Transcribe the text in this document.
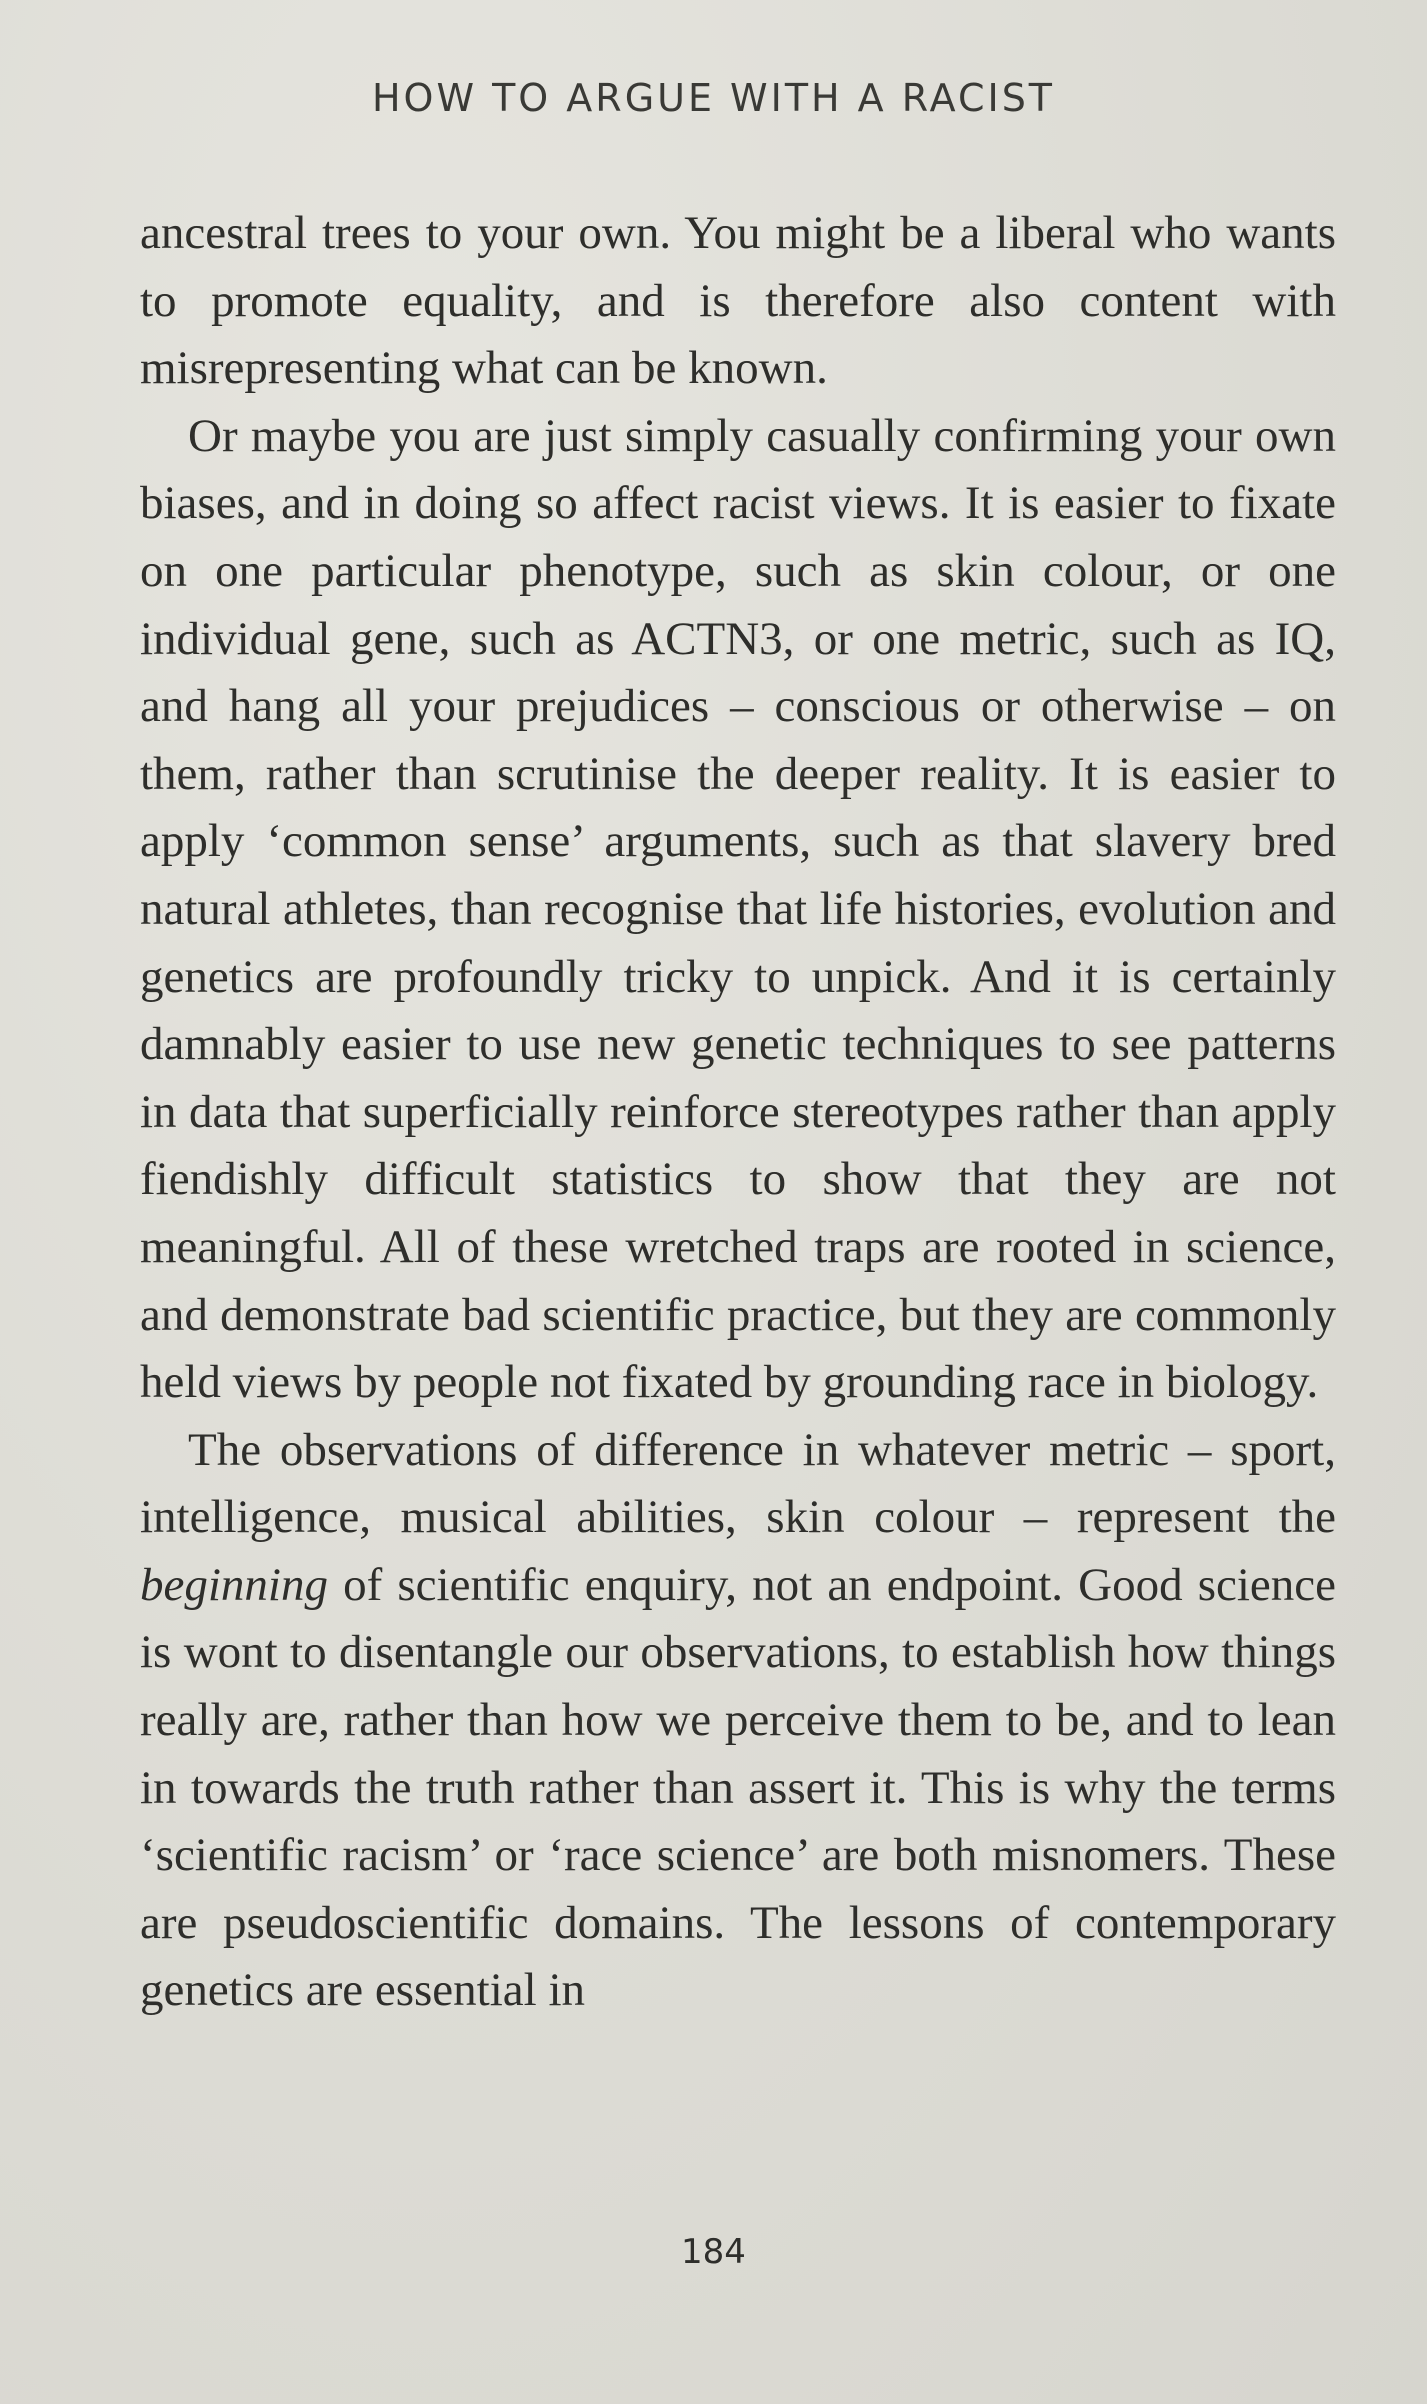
HOW TO ARGUE WITH A RACIST

ancestral trees to your own. You might be a liberal who wants to promote equality, and is therefore also content with misrepresenting what can be known.

Or maybe you are just simply casually confirming your own biases, and in doing so affect racist views. It is easier to fixate on one particular phenotype, such as skin colour, or one individual gene, such as ACTN3, or one metric, such as IQ, and hang all your prejudices – conscious or otherwise – on them, rather than scrutinise the deeper reality. It is easier to apply ‘common sense’ arguments, such as that slavery bred natural athletes, than recognise that life histories, evolution and genetics are profoundly tricky to unpick. And it is certainly damnably easier to use new genetic techniques to see patterns in data that superficially reinforce stereotypes rather than apply fiendishly difficult statistics to show that they are not meaningful. All of these wretched traps are rooted in science, and demonstrate bad scientific practice, but they are commonly held views by people not fixated by grounding race in biology.

The observations of difference in whatever metric – sport, intelligence, musical abilities, skin colour – represent the beginning of scientific enquiry, not an endpoint. Good science is wont to disentangle our observations, to establish how things really are, rather than how we perceive them to be, and to lean in towards the truth rather than assert it. This is why the terms ‘scientific racism’ or ‘race science’ are both misnomers. These are pseudoscientific domains. The lessons of contemporary genetics are essential in

184
